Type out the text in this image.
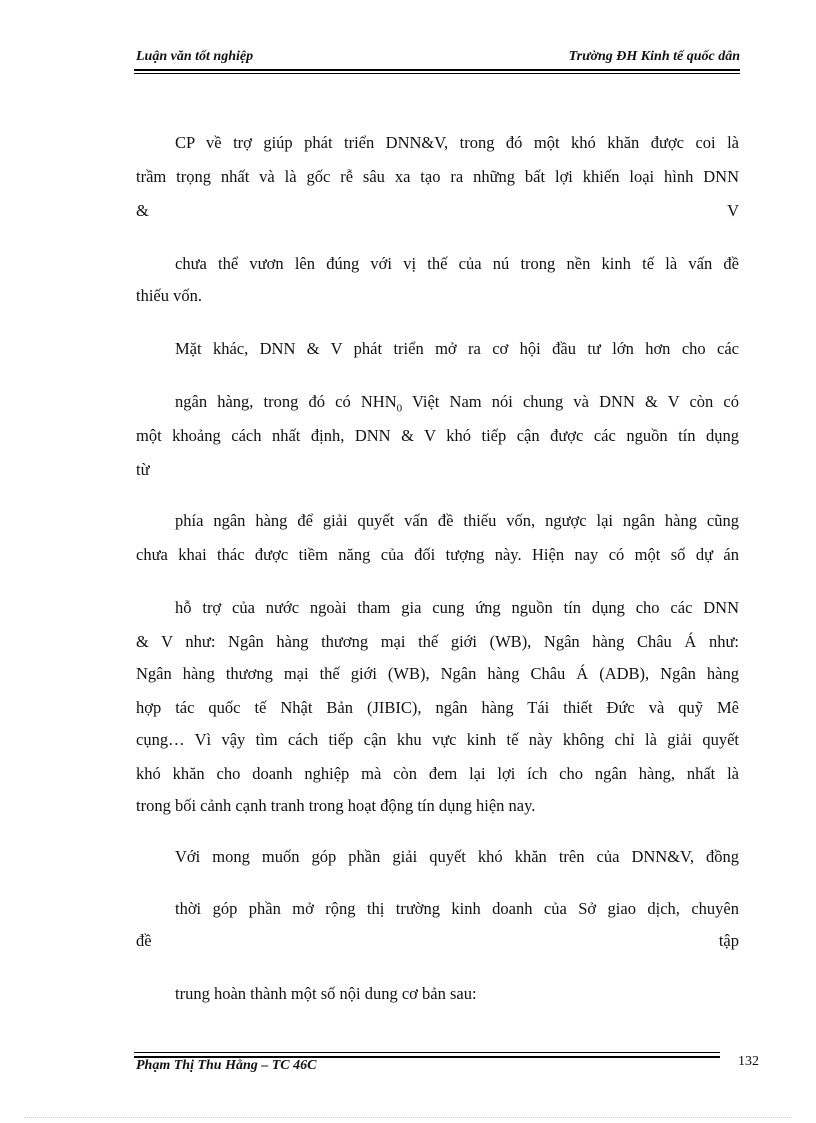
Luận văn tốt nghiệp	Trường ĐH Kinh tế quốc dân
CP về trợ giúp phát triển DNN&V, trong đó một khó khăn được coi là
trầm trọng nhất và là gốc rễ sâu xa tạo ra những bất lợi khiến loại hình DNN
&	V
chưa thể vươn lên đúng với vị thế của nú trong nền kinh tế là vấn đề
thiếu vốn.
Mặt khác, DNN & V phát triển mở ra cơ hội đầu tư lớn hơn cho các
ngân hàng, trong đó có $NHN_0$ Việt Nam nói chung và DNN & V còn có
một khoảng cách nhất định, DNN & V khó tiếp cận được các nguồn tín dụng
từ
phía ngân hàng để giải quyết vấn đề thiếu vốn, ngược lại ngân hàng cũng
chưa khai thác được tiềm năng của đối tượng này. Hiện nay có một số dự án
hỗ trợ của nước ngoài tham gia cung ứng nguồn tín dụng cho các DNN
& V như: Ngân hàng thương mại thế giới (WB), Ngân hàng Châu Á như:
Ngân hàng thương mại thế giới (WB), Ngân hàng Châu Á (ADB), Ngân hàng
hợp tác quốc tế Nhật Bản (JIBIC), ngân hàng Tái thiết Đức và quỹ Mê
cụng… Vì vậy tìm cách tiếp cận khu vực kinh tế này không chỉ là giải quyết
khó khăn cho doanh nghiệp mà còn đem lại lợi ích cho ngân hàng, nhất là
trong bối cảnh cạnh tranh trong hoạt động tín dụng hiện nay.
Với mong muốn góp phần giải quyết khó khăn trên của DNN&V, đồng
thời góp phần mở rộng thị trường kinh doanh của Sở giao dịch, chuyên
đề	tập
trung hoàn thành một số nội dung cơ bản sau:
Phạm Thị Thu Hằng – TC 46C	132
